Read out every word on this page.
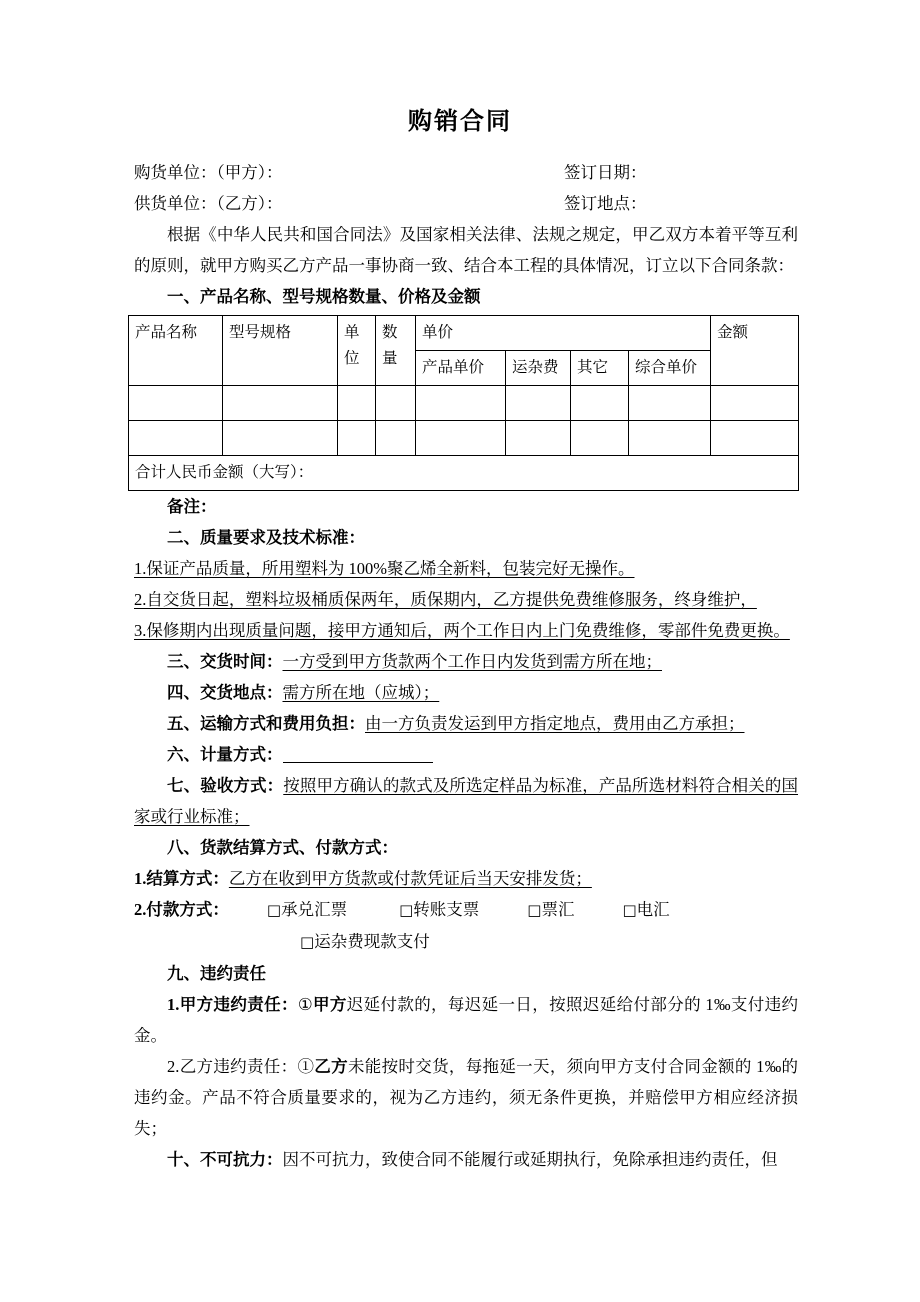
购销合同
购货单位：（甲方）：	签订日期：
供货单位：（乙方）：	签订地点：

根据《中华人民共和国合同法》及国家相关法律、法规之规定，甲乙双方本着平等互利的原则，就甲方购买乙方产品一事协商一致、结合本工程的具体情况，订立以下合同条款：

一、产品名称、型号规格数量、价格及金额
产品名称	型号规格	单位	数量	单价				金额
				产品单价	运杂费	其它	综合单价	

合计人民币金额（大写）：								
备注：
二、质量要求及技术标准：

1.保证产品质量，所用塑料为 100%聚乙烯全新料，包装完好无操作。

2.自交货日起，塑料垃圾桶质保两年，质保期内，乙方提供免费维修服务，终身维护，

3.保修期内出现质量问题，接甲方通知后，两个工作日内上门免费维修，零部件免费更换。

三、交货时间：一方受到甲方货款两个工作日内发货到需方所在地；

四、交货地点：需方所在地（应城）；

五、运输方式和费用负担：由一方负责发运到甲方指定地点，费用由乙方承担；

六、计量方式：

七、验收方式：按照甲方确认的款式及所选定样品为标准，产品所选材料符合相关的国家或行业标准；

八、货款结算方式、付款方式：

1.结算方式：乙方在收到甲方货款或付款凭证后当天安排发货；

2.付款方式：	□承兑汇票	□转账支票	□票汇	□电汇
□运杂费现款支付
九、违约责任

1.甲方违约责任：①甲方迟延付款的，每迟延一日，按照迟延给付部分的 1‰支付违约金。

2.乙方违约责任：①乙方未能按时交货，每拖延一天，须向甲方支付合同金额的 1‰的违约金。产品不符合质量要求的，视为乙方违约，须无条件更换，并赔偿甲方相应经济损失；

十、不可抗力：因不可抗力，致使合同不能履行或延期执行，免除承担违约责任，但
